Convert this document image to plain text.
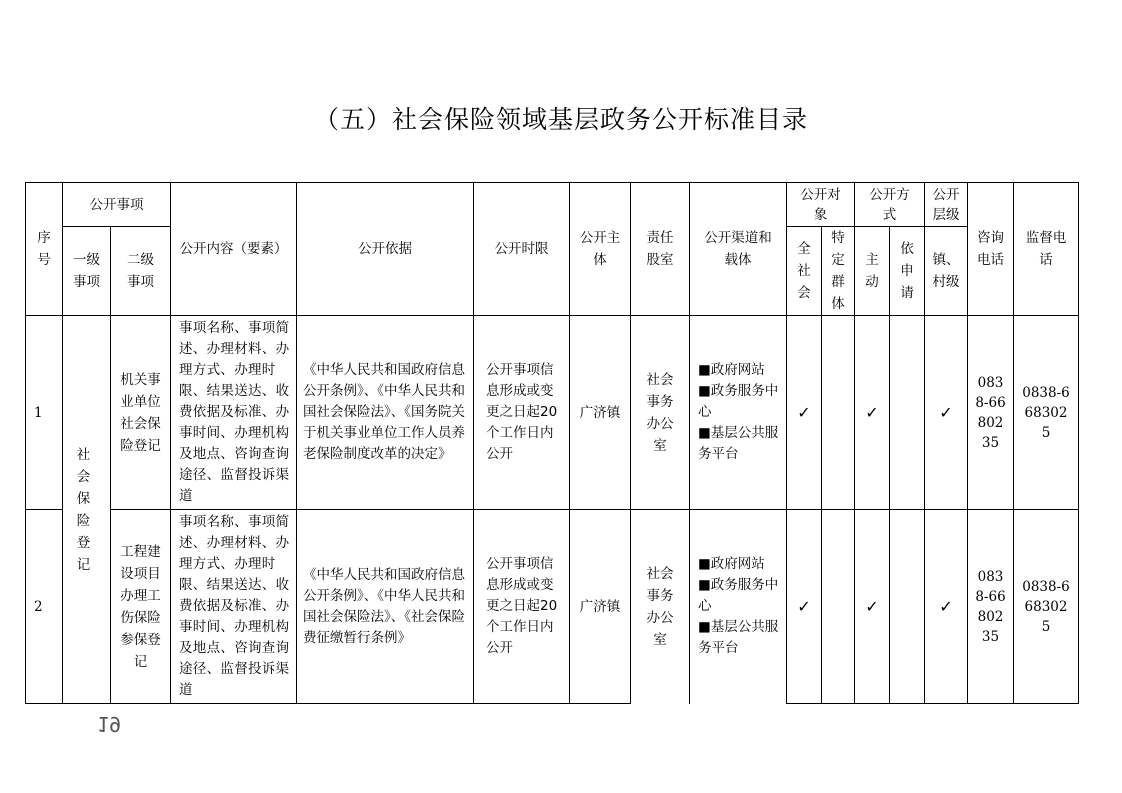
（五）社会保险领域基层政务公开标准目录
序号	公开事项		公开内容（要素）	公开依据	公开时限	公开主体	责任股室	公开渠道和载体	公开对象		公开方式		公开层级	咨询电话	监督电话
	一级事项	二级事项							全社会	特定群体	主动	依申请	镇、村级		

1	社会保险登记	机关事业单位社会保险登记	事项名称、事项简述、办理材料、办理方式、办理时限、结果送达、收费依据及标准、办事时间、办理机构及地点、咨询查询途径、监督投诉渠道	《中华人民共和国政府信息公开条例》、《中华人民共和国社会保险法》、《国务院关于机关事业单位工作人员养老保险制度改革的决定》	公开事项信息形成或变更之日起20个工作日内公开	广济镇	社会事务办公室	■政府网站
■政务服务中心
■基层公共服务平台	✓		✓		✓	0838-6680235	0838-6683025
2		工程建设项目办理工伤保险参保登记	事项名称、事项简述、办理材料、办理方式、办理时限、结果送达、收费依据及标准、办事时间、办理机构及地点、咨询查询途径、监督投诉渠道	《中华人民共和国政府信息公开条例》、《中华人民共和国社会保险法》、《社会保险费征缴暂行条例》	公开事项信息形成或变更之日起20个工作日内公开	广济镇	社会事务办公室	■政府网站
■政务服务中心
■基层公共服务平台	✓		✓		✓	0838-6680235	0838-6683025
19
